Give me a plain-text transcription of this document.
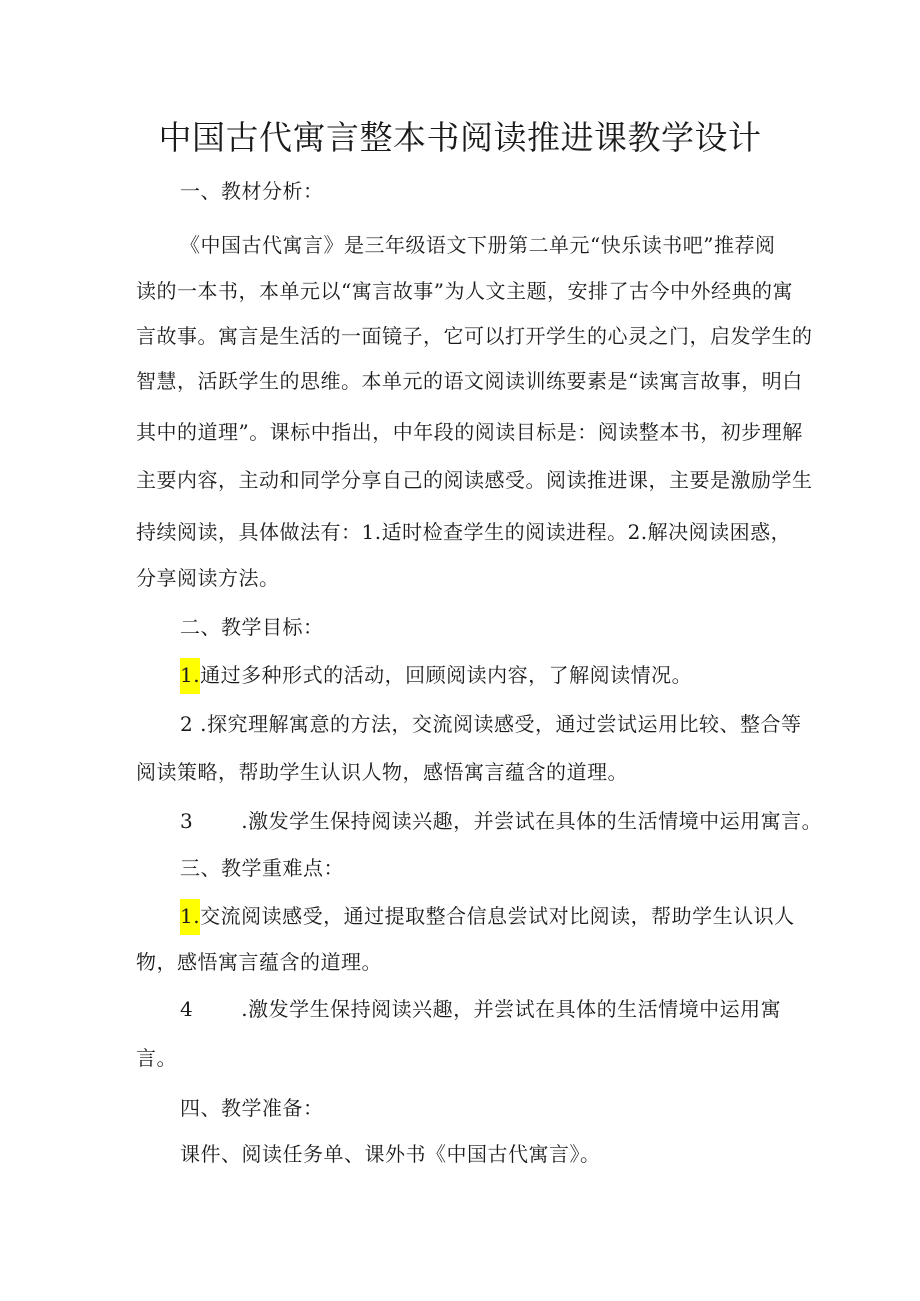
中国古代寓言整本书阅读推进课教学设计
一、教材分析：
《中国古代寓言》是三年级语文下册第二单元“快乐读书吧”推荐阅
读的一本书，本单元以“寓言故事”为人文主题，安排了古今中外经典的寓
言故事。寓言是生活的一面镜子，它可以打开学生的心灵之门，启发学生的
智慧，活跃学生的思维。本单元的语文阅读训练要素是“读寓言故事，明白
其中的道理”。课标中指出，中年段的阅读目标是：阅读整本书，初步理解
主要内容，主动和同学分享自己的阅读感受。阅读推进课，主要是激励学生
持续阅读，具体做法有：1.适时检查学生的阅读进程。2.解决阅读困惑，
分享阅读方法。
二、教学目标：
1.通过多种形式的活动，回顾阅读内容，了解阅读情况。
2 .探究理解寓意的方法，交流阅读感受，通过尝试运用比较、整合等
阅读策略，帮助学生认识人物，感悟寓言蕴含的道理。
3 .激发学生保持阅读兴趣，并尝试在具体的生活情境中运用寓言。
三、教学重难点：
1.交流阅读感受，通过提取整合信息尝试对比阅读，帮助学生认识人
物，感悟寓言蕴含的道理。
4 .激发学生保持阅读兴趣，并尝试在具体的生活情境中运用寓
言。
四、教学准备：
课件、阅读任务单、课外书《中国古代寓言》。
